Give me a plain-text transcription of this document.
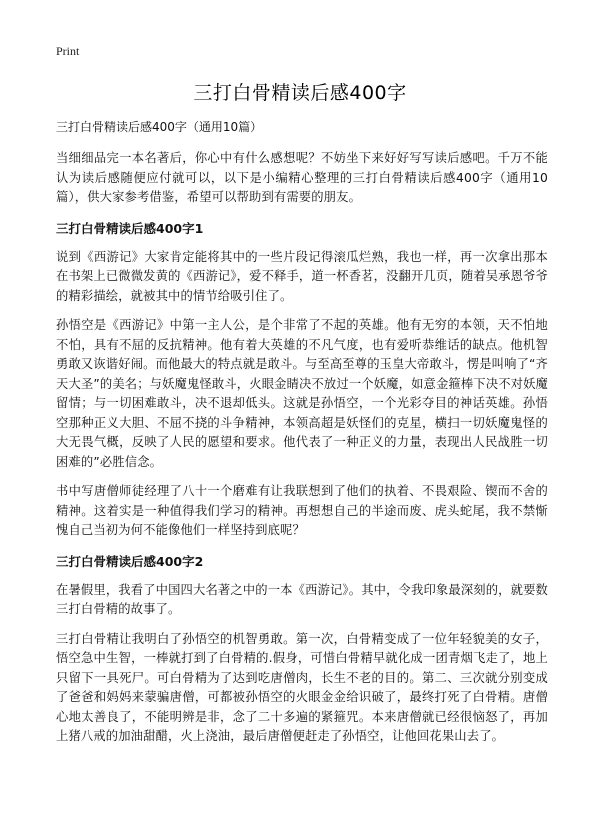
Print
三打白骨精读后感400字
三打白骨精读后感400字（通用10篇）

当细细品完一本名著后，你心中有什么感想呢？不妨坐下来好好写写读后感吧。千万不能认为读后感随便应付就可以，以下是小编精心整理的三打白骨精读后感400字（通用10篇），供大家参考借鉴，希望可以帮助到有需要的朋友。

三打白骨精读后感400字1

说到《西游记》大家肯定能将其中的一些片段记得滚瓜烂熟，我也一样，再一次拿出那本在书架上已微微发黄的《西游记》，爱不释手，道一杯香茗，没翻开几页，随着吴承恩爷爷的精彩描绘，就被其中的情节给吸引住了。

孙悟空是《西游记》中第一主人公，是个非常了不起的英雄。他有无穷的本领，天不怕地不怕，具有不屈的反抗精神。他有着大英雄的不凡气度，也有爱听恭维话的缺点。他机智勇敢又诙谐好闹。而他最大的特点就是敢斗。与至高至尊的玉皇大帝敢斗，愣是叫响了“齐天大圣”的美名；与妖魔鬼怪敢斗，火眼金睛决不放过一个妖魔，如意金箍棒下决不对妖魔留情；与一切困难敢斗，决不退却低头。这就是孙悟空，一个光彩夺目的神话英雄。孙悟空那种正义大胆、不屈不挠的斗争精神，本领高超是妖怪们的克星，横扫一切妖魔鬼怪的大无畏气概，反映了人民的愿望和要求。他代表了一种正义的力量，表现出人民战胜一切困难的”必胜信念。

书中写唐僧师徒经理了八十一个磨难有让我联想到了他们的执着、不畏艰险、锲而不舍的精神。这着实是一种值得我们学习的精神。再想想自己的半途而废、虎头蛇尾，我不禁惭愧自己当初为何不能像他们一样坚持到底呢？

三打白骨精读后感400字2

在暑假里，我看了中国四大名著之中的一本《西游记》。其中，令我印象最深刻的，就要数三打白骨精的故事了。

三打白骨精让我明白了孙悟空的机智勇敢。第一次，白骨精变成了一位年轻貌美的女子，悟空急中生智，一棒就打到了白骨精的.假身，可惜白骨精早就化成一团青烟飞走了，地上只留下一具死尸。可白骨精为了达到吃唐僧肉，长生不老的目的。第二、三次就分别变成了爸爸和妈妈来蒙骗唐僧，可都被孙悟空的火眼金金给识破了，最终打死了白骨精。唐僧心地太善良了，不能明辨是非，念了二十多遍的紧箍咒。本来唐僧就已经很恼怒了，再加上猪八戒的加油甜醋，火上浇油，最后唐僧便赶走了孙悟空，让他回花果山去了。
